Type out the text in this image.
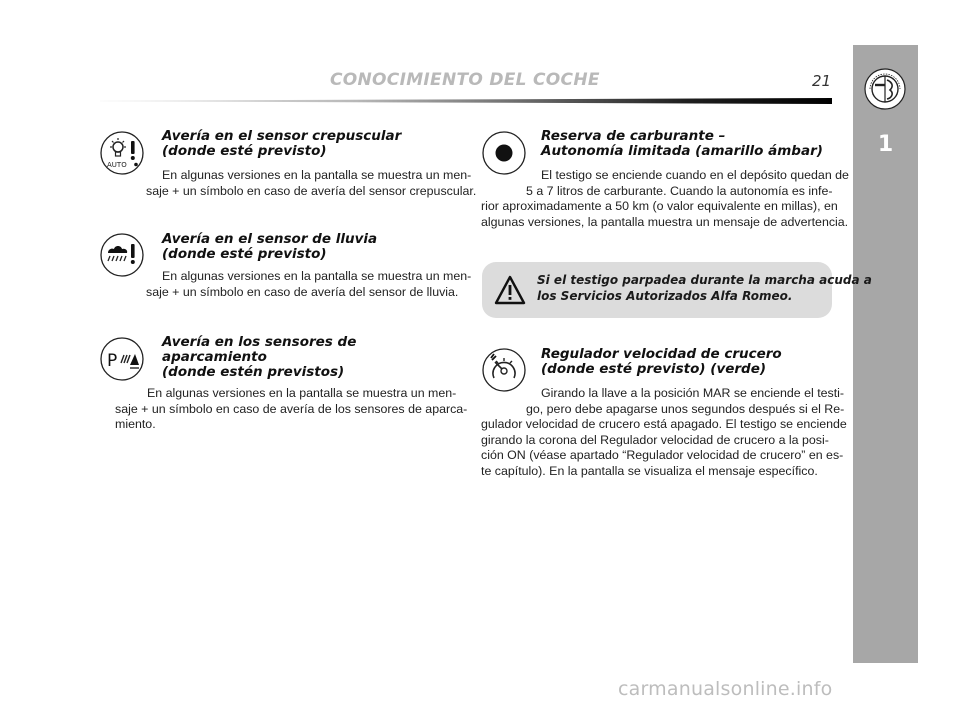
CONOCIMIENTO DEL COCHE	21
1
AUTO
Avería en el sensor crepuscular
(donde esté previsto)
En algunas versiones en la pantalla se muestra un men-
saje + un símbolo en caso de avería del sensor crepuscular.
Avería en el sensor de lluvia
(donde esté previsto)
En algunas versiones en la pantalla se muestra un men-
saje + un símbolo en caso de avería del sensor de lluvia.
P
Avería en los sensores de
aparcamiento
(donde estén previstos)
En algunas versiones en la pantalla se muestra un men-
saje + un símbolo en caso de avería de los sensores de aparca-
miento.
Reserva de carburante –
Autonomía limitada (amarillo ámbar)
El testigo se enciende cuando en el depósito quedan de
5 a 7 litros de carburante. Cuando la autonomía es infe-
rior aproximadamente a 50 km (o valor equivalente en millas), en
algunas versiones, la pantalla muestra un mensaje de advertencia.
Si el testigo parpadea durante la marcha acuda a
los Servicios Autorizados Alfa Romeo.
Regulador velocidad de crucero
(donde esté previsto) (verde)
Girando la llave a la posición MAR se enciende el testi-
go, pero debe apagarse unos segundos después si el Re-
gulador velocidad de crucero está apagado. El testigo se enciende
girando la corona del Regulador velocidad de crucero a la posi-
ción ON (véase apartado “Regulador velocidad de crucero” en es-
te capítulo). En la pantalla se visualiza el mensaje específico.
carmanualsonline.info
